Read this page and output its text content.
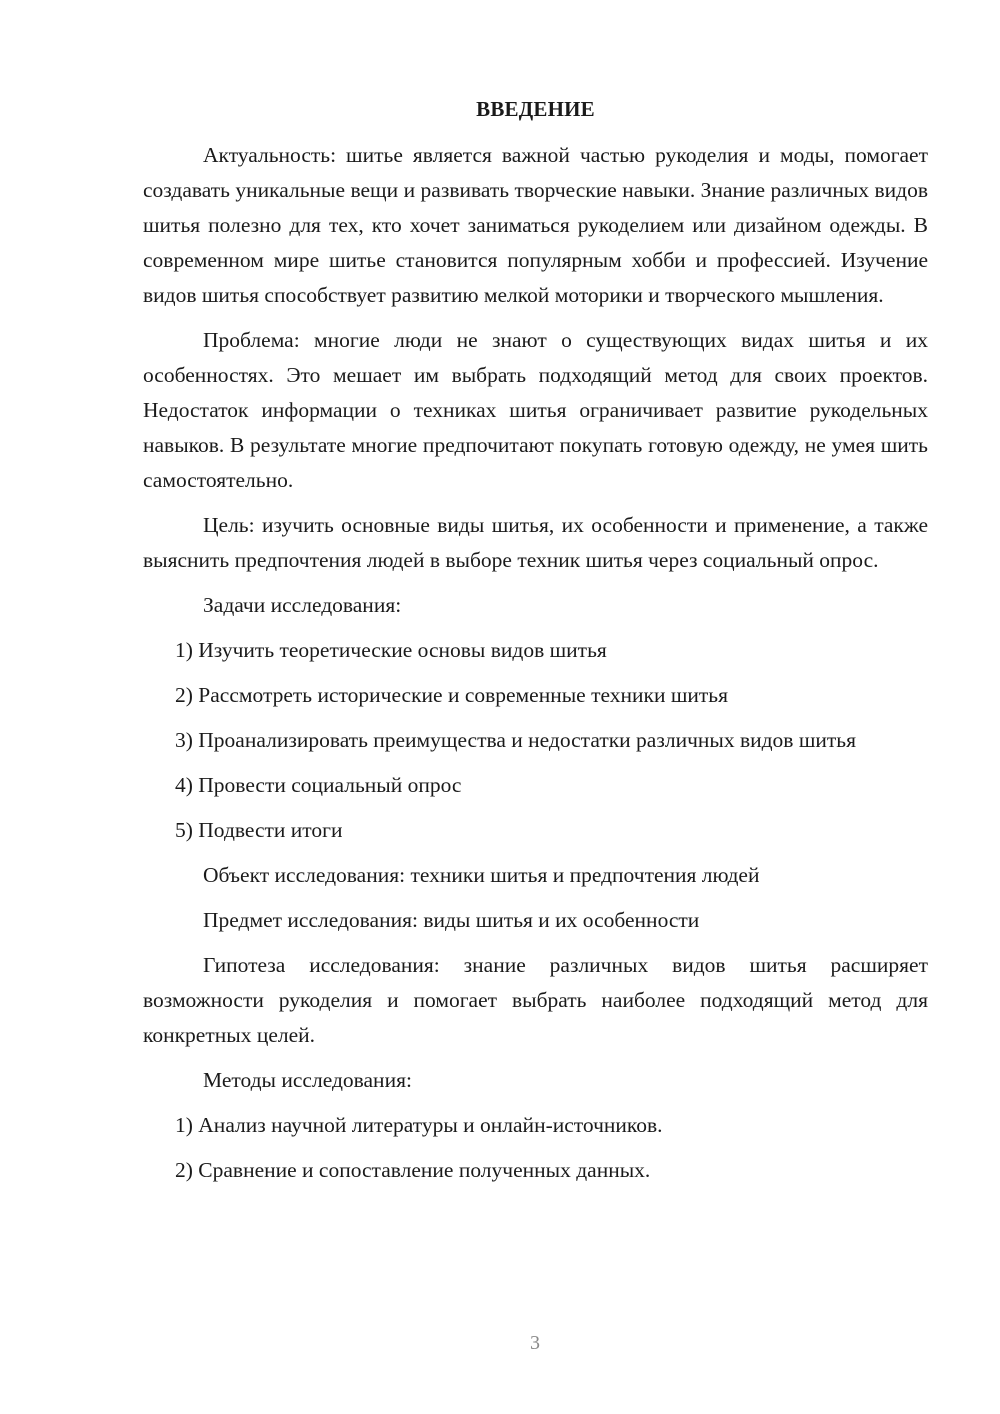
ВВЕДЕНИЕ

Актуальность: шитье является важной частью рукоделия и моды, помогает создавать уникальные вещи и развивать творческие навыки. Знание различных видов шитья полезно для тех, кто хочет заниматься рукоделием или дизайном одежды. В современном мире шитье становится популярным хобби и профессией. Изучение видов шитья способствует развитию мелкой моторики и творческого мышления.

Проблема: многие люди не знают о существующих видах шитья и их особенностях. Это мешает им выбрать подходящий метод для своих проектов. Недостаток информации о техниках шитья ограничивает развитие рукодельных навыков. В результате многие предпочитают покупать готовую одежду, не умея шить самостоятельно.

Цель: изучить основные виды шитья, их особенности и применение, а также выяснить предпочтения людей в выборе техник шитья через социальный опрос.

Задачи исследования:

1) Изучить теоретические основы видов шитья

2) Рассмотреть исторические и современные техники шитья

3) Проанализировать преимущества и недостатки различных видов шитья

4) Провести социальный опрос

5) Подвести итоги

Объект исследования: техники шитья и предпочтения людей

Предмет исследования: виды шитья и их особенности

Гипотеза исследования: знание различных видов шитья расширяет возможности рукоделия и помогает выбрать наиболее подходящий метод для конкретных целей.

Методы исследования:

1) Анализ научной литературы и онлайн-источников.

2) Сравнение и сопоставление полученных данных.

3
